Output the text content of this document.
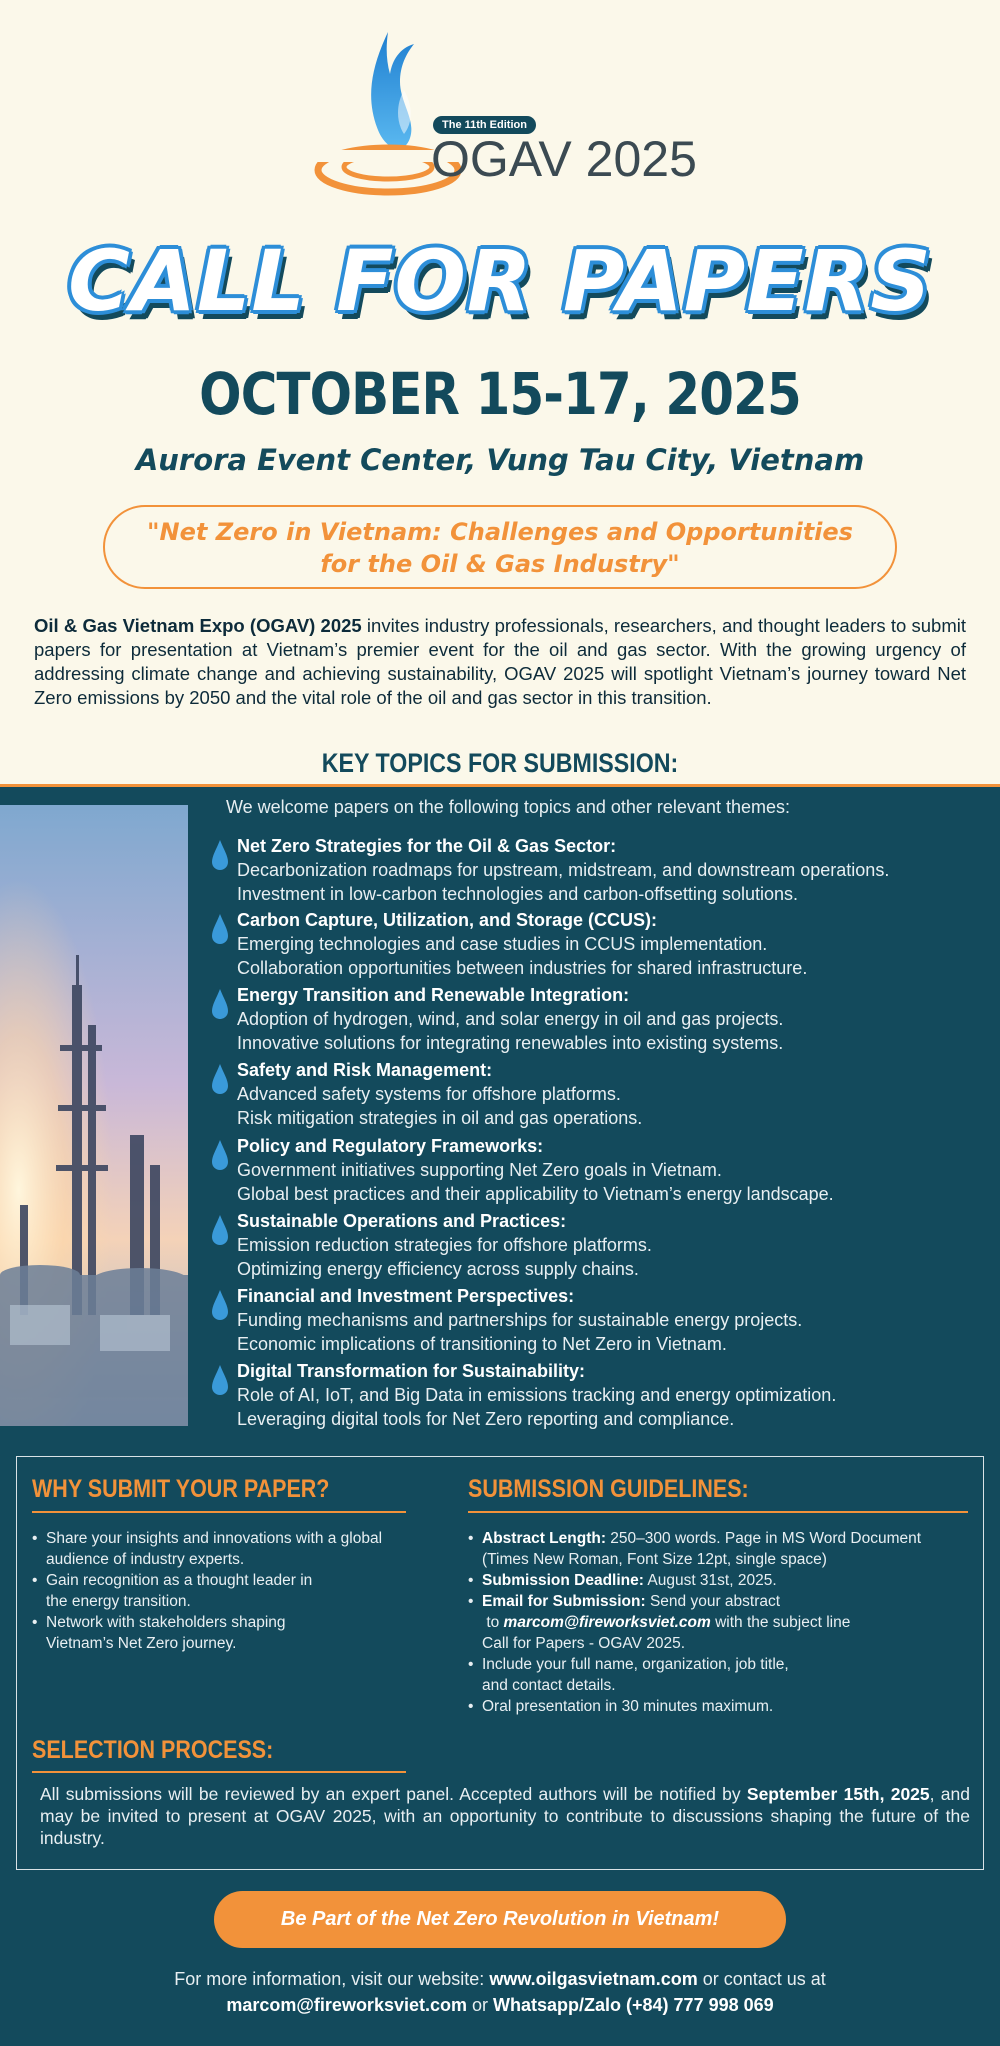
The 11th Edition
OGAV 2025
CALL FOR PAPERS
OCTOBER 15-17, 2025
Aurora Event Center, Vung Tau City, Vietnam
"Net Zero in Vietnam: Challenges and Opportunities
for the Oil & Gas Industry"

Oil & Gas Vietnam Expo (OGAV) 2025 invites industry professionals, researchers, and thought leaders to submit papers for presentation at Vietnam’s premier event for the oil and gas sector. With the growing urgency of addressing climate change and achieving sustainability, OGAV 2025 will spotlight Vietnam’s journey toward Net Zero emissions by 2050 and the vital role of the oil and gas sector in this transition.

KEY TOPICS FOR SUBMISSION:
We welcome papers on the following topics and other relevant themes:
Net Zero Strategies for the Oil & Gas Sector:
Decarbonization roadmaps for upstream, midstream, and downstream operations.
Investment in low-carbon technologies and carbon-offsetting solutions.
Carbon Capture, Utilization, and Storage (CCUS):
Emerging technologies and case studies in CCUS implementation.
Collaboration opportunities between industries for shared infrastructure.
Energy Transition and Renewable Integration:
Adoption of hydrogen, wind, and solar energy in oil and gas projects.
Innovative solutions for integrating renewables into existing systems.
Safety and Risk Management:
Advanced safety systems for offshore platforms.
Risk mitigation strategies in oil and gas operations.
Policy and Regulatory Frameworks:
Government initiatives supporting Net Zero goals in Vietnam.
Global best practices and their applicability to Vietnam’s energy landscape.
Sustainable Operations and Practices:
Emission reduction strategies for offshore platforms.
Optimizing energy efficiency across supply chains.
Financial and Investment Perspectives:
Funding mechanisms and partnerships for sustainable energy projects.
Economic implications of transitioning to Net Zero in Vietnam.
Digital Transformation for Sustainability:
Role of AI, IoT, and Big Data in emissions tracking and energy optimization.
Leveraging digital tools for Net Zero reporting and compliance.
WHY SUBMIT YOUR PAPER?
• Share your insights and innovations with a global
audience of industry experts.
• Gain recognition as a thought leader in
the energy transition.
• Network with stakeholders shaping
Vietnam’s Net Zero journey.
SUBMISSION GUIDELINES:
• Abstract Length: 250–300 words. Page in MS Word Document
(Times New Roman, Font Size 12pt, single space)
• Submission Deadline: August 31st, 2025.
• Email for Submission: Send your abstract
to marcom@fireworksviet.com with the subject line
Call for Papers - OGAV 2025.
• Include your full name, organization, job title,
and contact details.
• Oral presentation in 30 minutes maximum.
SELECTION PROCESS:

All submissions will be reviewed by an expert panel. Accepted authors will be notified by September 15th, 2025, and may be invited to present at OGAV 2025, with an opportunity to contribute to discussions shaping the future of the industry.

Be Part of the Net Zero Revolution in Vietnam!
For more information, visit our website: www.oilgasvietnam.com or contact us at
marcom@fireworksviet.com or Whatsapp/Zalo (+84) 777 998 069
